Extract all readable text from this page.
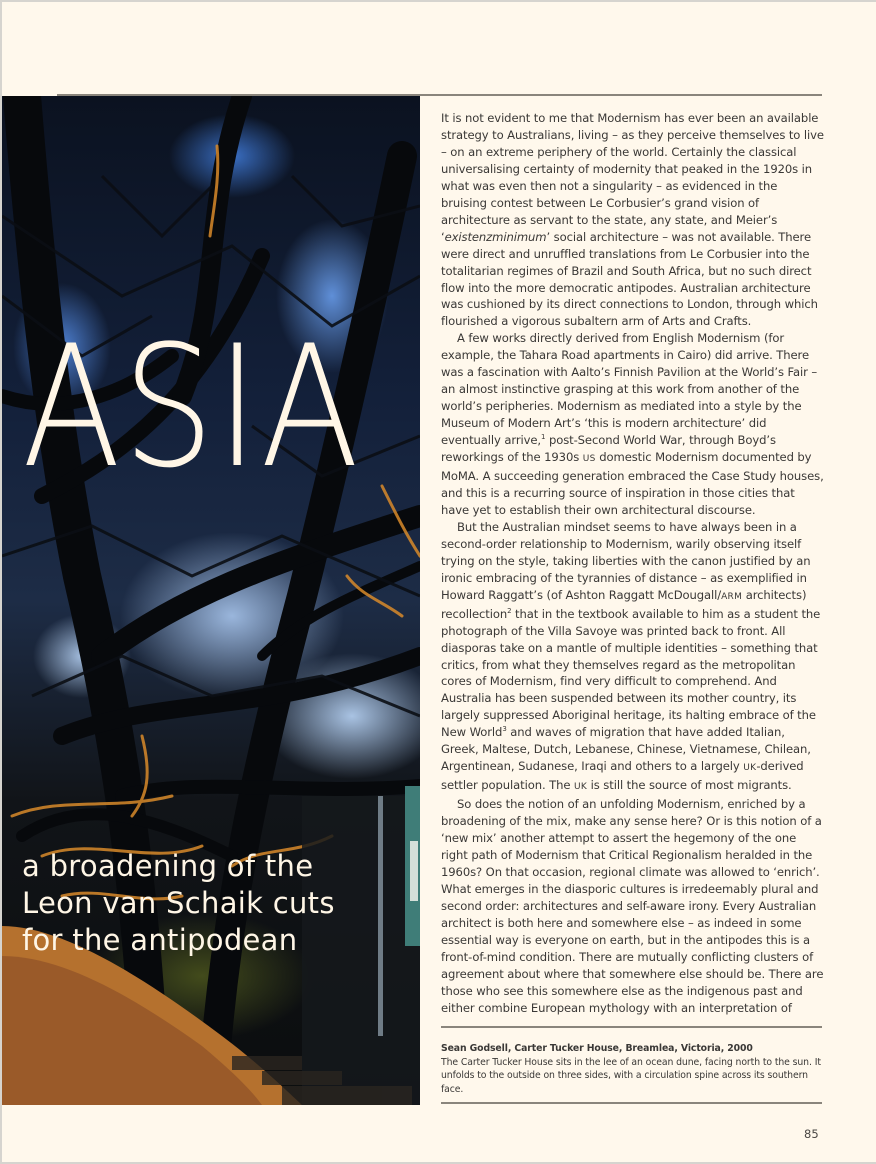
ASIA
a broadening of the
Leon van Schaik cuts
for the antipodean

It is not evident to me that Modernism has ever been an available strategy to Australians, living – as they perceive themselves to live – on an extreme periphery of the world. Certainly the classical universalising certainty of modernity that peaked in the 1920s in what was even then not a singularity – as evidenced in the bruising contest between Le Corbusier’s grand vision of architecture as servant to the state, any state, and Meier’s ‘existenzminimum’ social architecture – was not available. There were direct and unruffled translations from Le Corbusier into the totalitarian regimes of Brazil and South Africa, but no such direct flow into the more democratic antipodes. Australian architecture was cushioned by its direct connections to London, through which flourished a vigorous subaltern arm of Arts and Crafts.

A few works directly derived from English Modernism (for example, the Tahara Road apartments in Cairo) did arrive. There was a fascination with Aalto’s Finnish Pavilion at the World’s Fair – an almost instinctive grasping at this work from another of the world’s peripheries. Modernism as mediated into a style by the Museum of Modern Art’s ‘this is modern architecture’ did eventually arrive,$^1$ post-Second World War, through Boyd’s reworkings of the 1930s US domestic Modernism documented by MoMA. A succeeding generation embraced the Case Study houses, and this is a recurring source of inspiration in those cities that have yet to establish their own architectural discourse.

But the Australian mindset seems to have always been in a second-order relationship to Modernism, warily observing itself trying on the style, taking liberties with the canon justified by an ironic embracing of the tyrannies of distance – as exemplified in Howard Raggatt’s (of Ashton Raggatt McDougall/ARM architects) recollection$^2$ that in the textbook available to him as a student the photograph of the Villa Savoye was printed back to front. All diasporas take on a mantle of multiple identities – something that critics, from what they themselves regard as the metropolitan cores of Modernism, find very difficult to comprehend. And Australia has been suspended between its mother country, its largely suppressed Aboriginal heritage, its halting embrace of the New World$^3$ and waves of migration that have added Italian, Greek, Maltese, Dutch, Lebanese, Chinese, Vietnamese, Chilean, Argentinean, Sudanese, Iraqi and others to a largely UK-derived settler population. The UK is still the source of most migrants.

So does the notion of an unfolding Modernism, enriched by a broadening of the mix, make any sense here? Or is this notion of a ‘new mix’ another attempt to assert the hegemony of the one right path of Modernism that Critical Regionalism heralded in the 1960s? On that occasion, regional climate was allowed to ‘enrich’. What emerges in the diasporic cultures is irredeemably plural and second order: architectures and self-aware irony. Every Australian architect is both here and somewhere else – as indeed in some essential way is everyone on earth, but in the antipodes this is a front-of-mind condition. There are mutually conflicting clusters of agreement about where that somewhere else should be. There are those who see this somewhere else as the indigenous past and either combine European mythology with an interpretation of

Sean Godsell, Carter Tucker House, Breamlea, Victoria, 2000
The Carter Tucker House sits in the lee of an ocean dune, facing north to the sun. It unfolds to the outside on three sides, with a circulation spine across its southern face.
85
